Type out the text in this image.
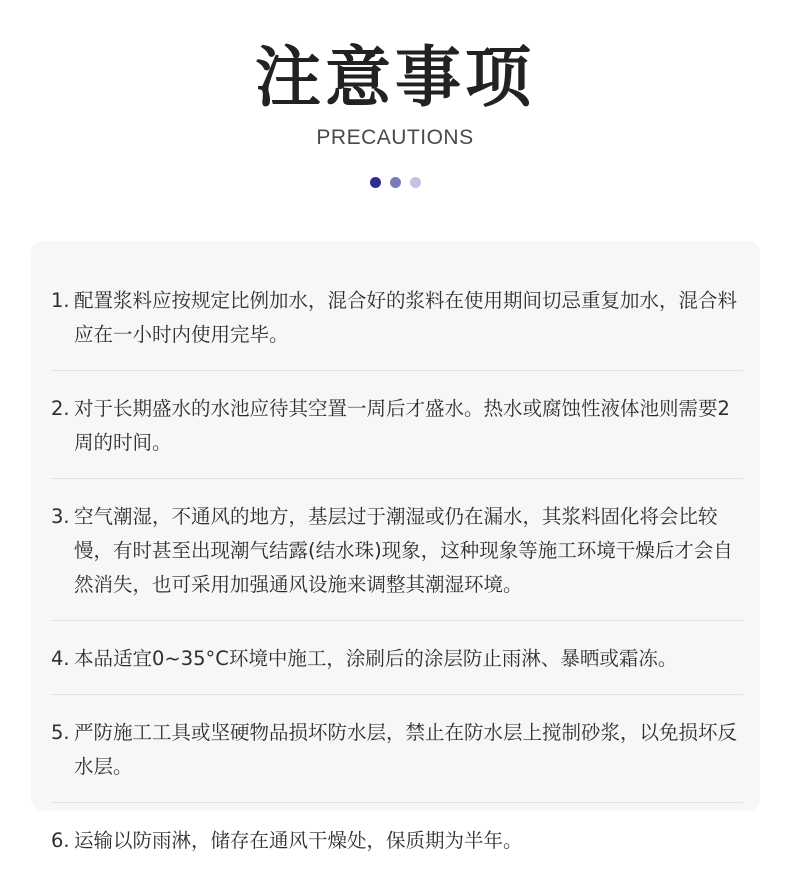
注意事项
PRECAUTIONS
1. 配置浆料应按规定比例加水，混合好的浆料在使用期间切忌重复加水，混合料应在一小时内使用完毕。
2. 对于长期盛水的水池应待其空置一周后才盛水。热水或腐蚀性液体池则需要2周的时间。
3. 空气潮湿，不通风的地方，基层过于潮湿或仍在漏水，其浆料固化将会比较慢，有时甚至出现潮气结露(结水珠)现象，这种现象等施工环境干燥后才会自然消失，也可采用加强通风设施来调整其潮湿环境。
4. 本品适宜0~35°C环境中施工，涂刷后的涂层防止雨淋、暴晒或霜冻。
5. 严防施工工具或坚硬物品损坏防水层，禁止在防水层上搅制砂浆，以免损坏反水层。
6. 运输以防雨淋，储存在通风干燥处，保质期为半年。
